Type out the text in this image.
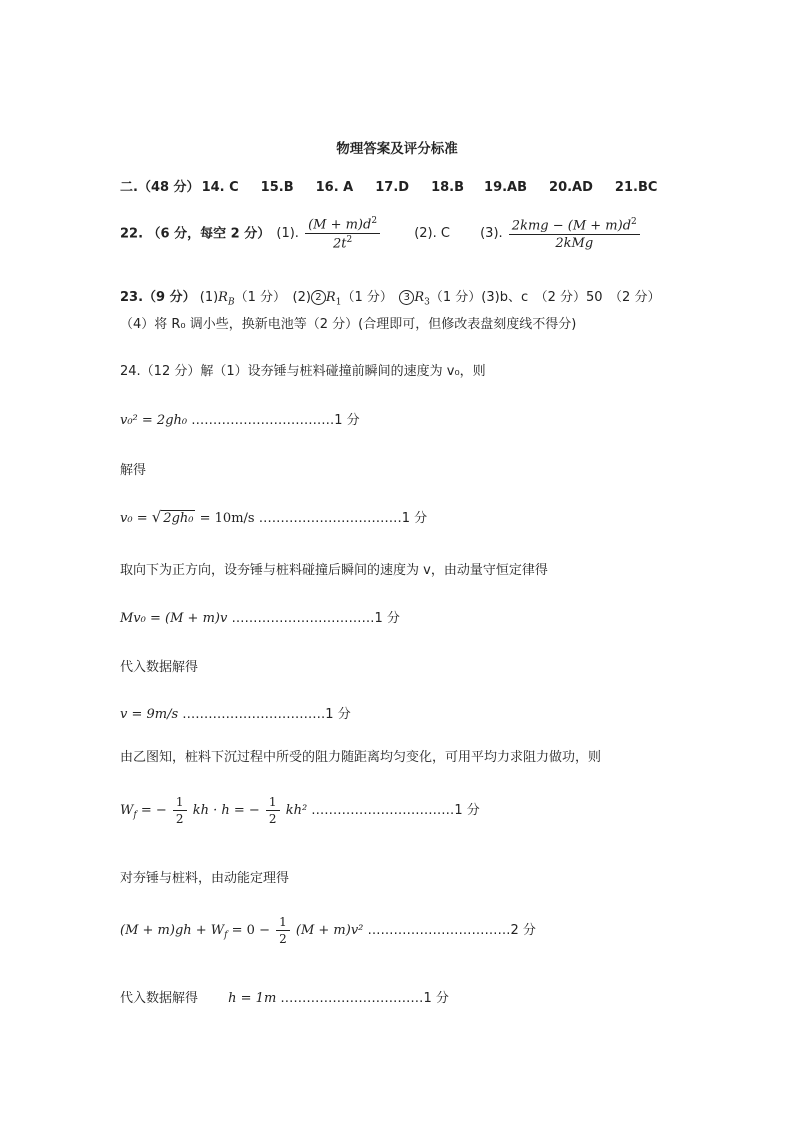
物理答案及评分标准
二.（48 分） 14. C 15.B 16. A 17.D 18.B 19.AB 20.AD 21.BC
22. （6 分，每空 2 分） (1). $\frac{(M + m)d^2}{2t^2}$	(2). C (3). $\frac{2kmg - (M + m)d^2}{\text{2kMg}}$
23.（9 分） $(1)R_B(1$ 分）　(2) 2 $R_1(1$ 分）　3 $R_3(1$ 分）(3)b、c　（2 分）50　（2 分）
（4）将 R₀ 调小些，换新电池等（2 分）(合理即可，但修改表盘刻度线不得分)
24.（12 分）解（1）设夯锤与桩料碰撞前瞬间的速度为 v₀，则
v₀² = 2gh₀ ……………………………1 分
解得
v₀ = √ 2gh₀ = 10m/s ……………………………1 分
取向下为正方向，设夯锤与桩料碰撞后瞬间的速度为 v，由动量守恒定律得
Mv₀ = (M + m)v ……………………………1 分
代入数据解得
v = 9m/s ……………………………1 分
由乙图知，桩料下沉过程中所受的阻力随距离均匀变化，可用平均力求阻力做功，则
$W_f$ = − $\frac{1}{2}$ kh · h = − $\frac{1}{2} kh^2$ ……………………………1 分
对夯锤与桩料，由动能定理得
$(M + m)gh + W_f = 0 - \frac{1}{2} (M + m)v^2$ ……………………………2 分
代入数据解得 h = 1m ……………………………1 分
